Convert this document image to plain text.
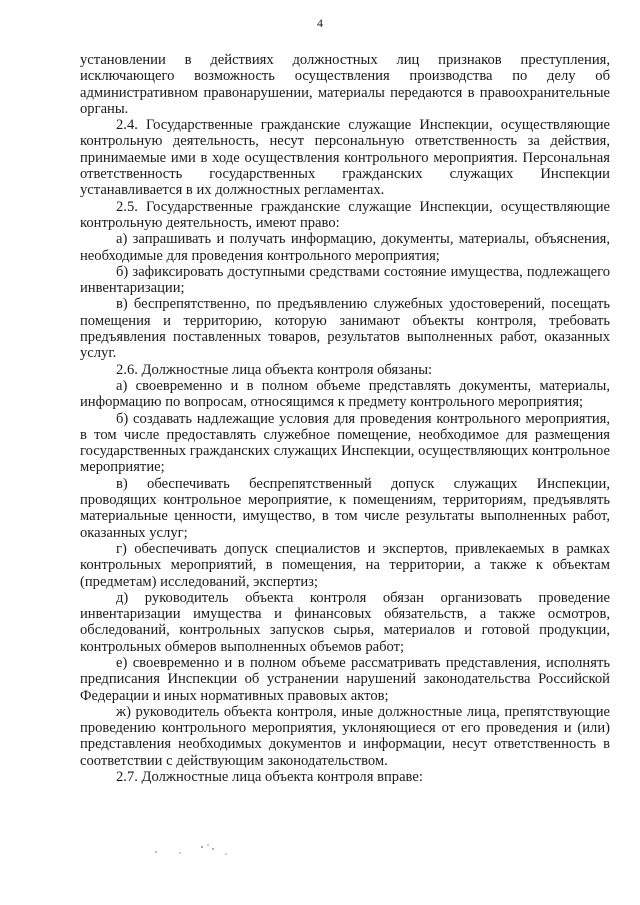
4

установлении в действиях должностных лиц признаков преступления, исключающего возможность осуществления производства по делу об административном правонарушении, материалы передаются в правоохранительные органы.

2.4. Государственные гражданские служащие Инспекции, осуществляющие контрольную деятельность, несут персональную ответственность за действия, принимаемые ими в ходе осуществления контрольного мероприятия. Персональная ответственность государственных гражданских служащих Инспекции устанавливается в их должностных регламентах.

2.5. Государственные гражданские служащие Инспекции, осуществляющие контрольную деятельность, имеют право:

а) запрашивать и получать информацию, документы, материалы, объяснения, необходимые для проведения контрольного мероприятия;

б) зафиксировать доступными средствами состояние имущества, подлежащего инвентаризации;

в) беспрепятственно, по предъявлению служебных удостоверений, посещать помещения и территорию, которую занимают объекты контроля, требовать предъявления поставленных товаров, результатов выполненных работ, оказанных услуг.

2.6. Должностные лица объекта контроля обязаны:

а) своевременно и в полном объеме представлять документы, материалы, информацию по вопросам, относящимся к предмету контрольного мероприятия;

б) создавать надлежащие условия для проведения контрольного мероприятия, в том числе предоставлять служебное помещение, необходимое для размещения государственных гражданских служащих Инспекции, осуществляющих контрольное мероприятие;

в) обеспечивать беспрепятственный допуск служащих Инспекции, проводящих контрольное мероприятие, к помещениям, территориям, предъявлять материальные ценности, имущество, в том числе результаты выполненных работ, оказанных услуг;

г) обеспечивать допуск специалистов и экспертов, привлекаемых в рамках контрольных мероприятий, в помещения, на территории, а также к объектам (предметам) исследований, экспертиз;

д) руководитель объекта контроля обязан организовать проведение инвентаризации имущества и финансовых обязательств, а также осмотров, обследований, контрольных запусков сырья, материалов и готовой продукции, контрольных обмеров выполненных объемов работ;

е) своевременно и в полном объеме рассматривать представления, исполнять предписания Инспекции об устранении нарушений законодательства Российской Федерации и иных нормативных правовых актов;

ж) руководитель объекта контроля, иные должностные лица, препятствующие проведению контрольного мероприятия, уклоняющиеся от его проведения и (или) представления необходимых документов и информации, несут ответственность в соответствии с действующим законодательством.

2.7. Должностные лица объекта контроля вправе:
